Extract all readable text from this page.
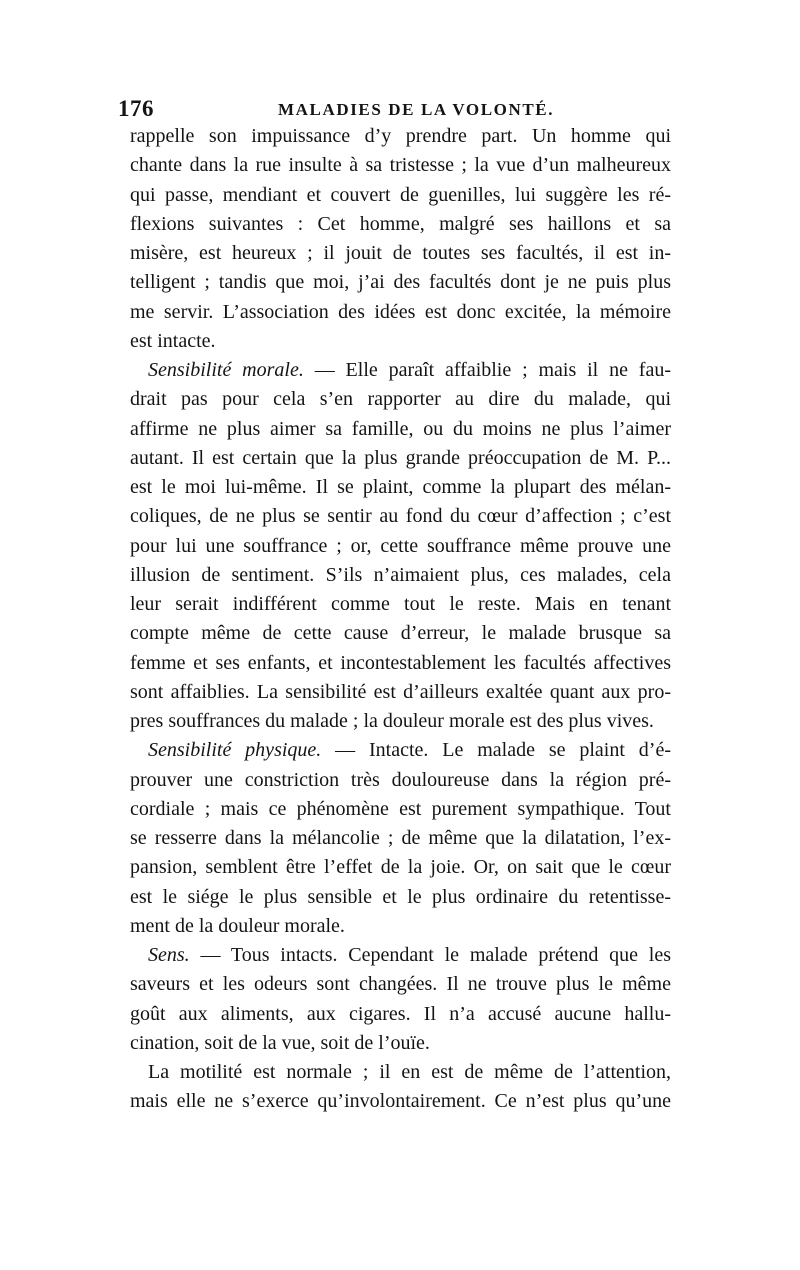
176	MALADIES DE LA VOLONTÉ.
rappelle son impuissance d’y prendre part. Un homme qui
chante dans la rue insulte à sa tristesse ; la vue d’un malheureux
qui passe, mendiant et couvert de guenilles, lui suggère les ré-
flexions suivantes : Cet homme, malgré ses haillons et sa
misère, est heureux ; il jouit de toutes ses facultés, il est in-
telligent ; tandis que moi, j’ai des facultés dont je ne puis plus
me servir. L’association des idées est donc excitée, la mémoire
est intacte.
Sensibilité morale. — Elle paraît affaiblie ; mais il ne fau-
drait pas pour cela s’en rapporter au dire du malade, qui
affirme ne plus aimer sa famille, ou du moins ne plus l’aimer
autant. Il est certain que la plus grande préoccupation de M. P...
est le moi lui-même. Il se plaint, comme la plupart des mélan-
coliques, de ne plus se sentir au fond du cœur d’affection ; c’est
pour lui une souffrance ; or, cette souffrance même prouve une
illusion de sentiment. S’ils n’aimaient plus, ces malades, cela
leur serait indifférent comme tout le reste. Mais en tenant
compte même de cette cause d’erreur, le malade brusque sa
femme et ses enfants, et incontestablement les facultés affectives
sont affaiblies. La sensibilité est d’ailleurs exaltée quant aux pro-
pres souffrances du malade ; la douleur morale est des plus vives.
Sensibilité physique. — Intacte. Le malade se plaint d’é-
prouver une constriction très douloureuse dans la région pré-
cordiale ; mais ce phénomène est purement sympathique. Tout
se resserre dans la mélancolie ; de même que la dilatation, l’ex-
pansion, semblent être l’effet de la joie. Or, on sait que le cœur
est le siége le plus sensible et le plus ordinaire du retentisse-
ment de la douleur morale.
Sens. — Tous intacts. Cependant le malade prétend que les
saveurs et les odeurs sont changées. Il ne trouve plus le même
goût aux aliments, aux cigares. Il n’a accusé aucune hallu-
cination, soit de la vue, soit de l’ouïe.
La motilité est normale ; il en est de même de l’attention,
mais elle ne s’exerce qu’involontairement. Ce n’est plus qu’une
